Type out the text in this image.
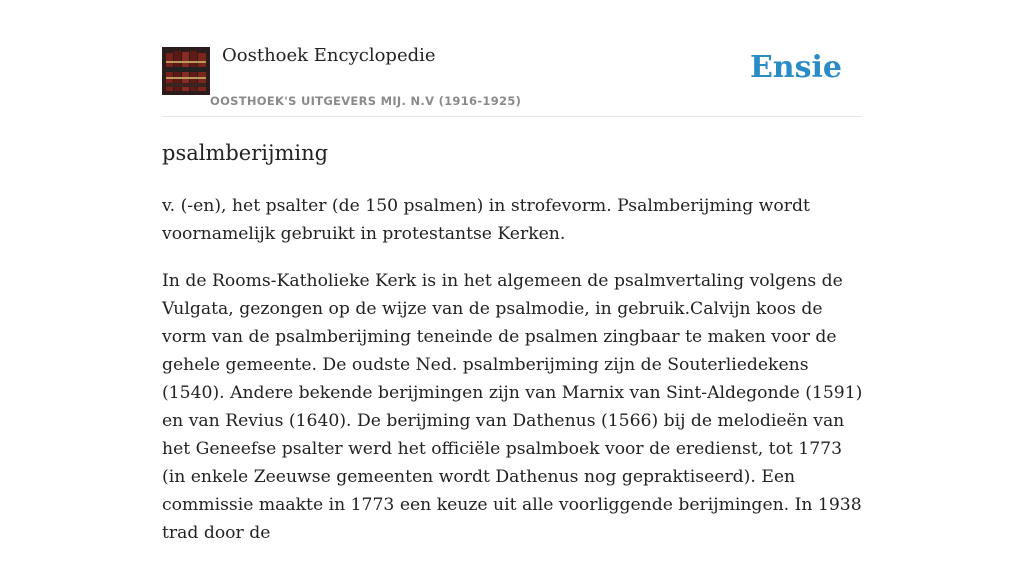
Oosthoek Encyclopedie
OOSTHOEK'S UITGEVERS MIJ. N.V (1916-1925)
Ensie
psalmberijming

v. (-en), het psalter (de 150 psalmen) in strofevorm. Psalmberijming wordt voornamelijk gebruikt in protestantse Kerken.

In de Rooms-Katholieke Kerk is in het algemeen de psalmvertaling volgens de Vulgata, gezongen op de wijze van de psalmodie, in gebruik.Calvijn koos de vorm van de psalmberijming teneinde de psalmen zingbaar te maken voor de gehele gemeente. De oudste Ned. psalmberijming zijn de Souterliedekens (1540). Andere bekende berijmingen zijn van Marnix van Sint-Aldegonde (1591) en van Revius (1640). De berijming van Dathenus (1566) bij de melodieën van het Geneefse psalter werd het officiële psalmboek voor de eredienst, tot 1773 (in enkele Zeeuwse gemeenten wordt Dathenus nog gepraktiseerd). Een commissie maakte in 1773 een keuze uit alle voorliggende berijmingen. In 1938 trad door de
